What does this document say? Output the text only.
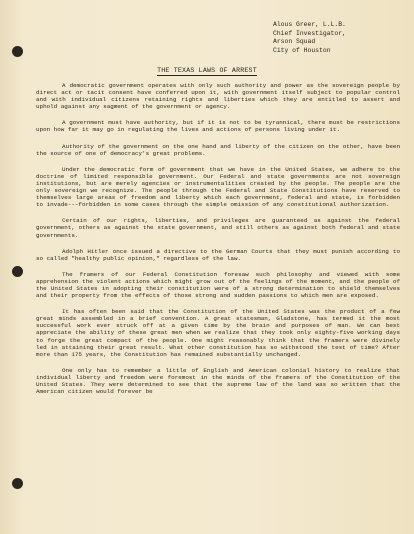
Alous Greer, L.L.B.
Chief Investigator,
Arson Squad
City of Houston
THE TEXAS LAWS OF ARREST

A democratic government operates with only such authority and power as the sovereign people by direct act or tacit consent have conferred upon it, with government itself subject to popular control and with individual citizens retaining rights and liberties which they are entitled to assert and uphold against any sagment of the government or agency.

A government must have authority, but if it is not to be tyrannical, there must be restrictions upon how far it may go in regulating the lives and actions of persons living under it.

Authority of the government on the one hand and liberty of the citizen on the other, have been the source of one of democracy's great problems.

Under the democratic form of government that we have in the United States, we adhere to the doctrine of limited responsible government. Our Federal and state governments are not sovereign institutions, but are merely agencies or instrumentalities created by the people. The people are the only sovereign we recognize. The people through the Federal and State Constitutions have reserved to themselves large areas of freedom and liberty which each government, federal and state, is forbidden to invade---forbidden in some cases through the simple omission of any constitutional authorization.

Certain of our rights, liberties, and privileges are guaranteed as against the federal government, others as against the state government, and still others as against both federal and state governments.

Adolph Hitler once issued a directive to the German Courts that they must punish according to so called "healthy public opinion," regardless of the law.

The framers of our Federal Constitution foresaw such philosophy and viewed with some apprehension the violent actions which might grow out of the feelings of the moment, and the people of the United States in adopting their constitution were of a strong determination to shield themselves and their property from the effects of those strong and sudden passions to which men are exposed.

It has often been said that the Constitution of the United States was the product of a few great minds assembled in a brief convention. A great statesman, Gladstone, has termed it the most successful work ever struck off at a given time by the brain and purposes of man. We can best appreciate the ability of these great men when we realize that they took only eighty-five working days to forge the great compact of the people. One might reasonably think that the framers were divinely led in attaining their great result. What other constitution has so withstood the test of time? After more than 175 years, the Constitution has remained substantially unchanged.

One only has to remember a little of English and American colonial history to realize that individual liberty and freedom were foremost in the minds of the framers of the Constitution of the United States. They were determined to see that the supreme law of the land was so written that the American citizen would forever be
